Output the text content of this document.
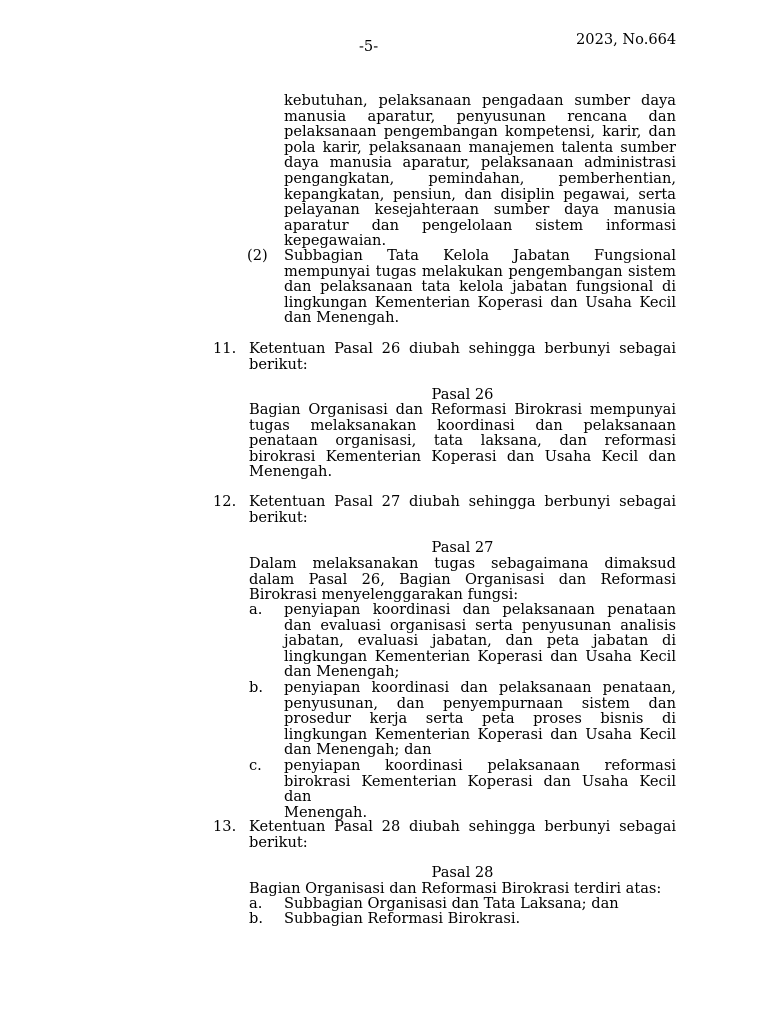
-5-	2023, No.664
kebutuhan, pelaksanaan pengadaan sumber daya
manusia aparatur, penyusunan rencana dan
pelaksanaan pengembangan kompetensi, karir, dan
pola karir, pelaksanaan manajemen talenta sumber
daya manusia aparatur, pelaksanaan administrasi
pengangkatan, pemindahan, pemberhentian,
kepangkatan, pensiun, dan disiplin pegawai, serta
pelayanan kesejahteraan sumber daya manusia
aparatur dan pengelolaan sistem informasi
kepegawaian.
(2) Subbagian Tata Kelola Jabatan Fungsional
mempunyai tugas melakukan pengembangan sistem
dan pelaksanaan tata kelola jabatan fungsional di
lingkungan Kementerian Koperasi dan Usaha Kecil
dan Menengah.
11. Ketentuan Pasal 26 diubah sehingga berbunyi sebagai
berikut:
Pasal 26
Bagian Organisasi dan Reformasi Birokrasi mempunyai
tugas melaksanakan koordinasi dan pelaksanaan
penataan organisasi, tata laksana, dan reformasi
birokrasi Kementerian Koperasi dan Usaha Kecil dan
Menengah.
12. Ketentuan Pasal 27 diubah sehingga berbunyi sebagai
berikut:
Pasal 27
Dalam melaksanakan tugas sebagaimana dimaksud
dalam Pasal 26, Bagian Organisasi dan Reformasi
Birokrasi menyelenggarakan fungsi:
a. penyiapan koordinasi dan pelaksanaan penataan
dan evaluasi organisasi serta penyusunan analisis
jabatan, evaluasi jabatan, dan peta jabatan di
lingkungan Kementerian Koperasi dan Usaha Kecil
dan Menengah;
b. penyiapan koordinasi dan pelaksanaan penataan,
penyusunan, dan penyempurnaan sistem dan
prosedur kerja serta peta proses bisnis di
lingkungan Kementerian Koperasi dan Usaha Kecil
dan Menengah; dan
c. penyiapan koordinasi pelaksanaan reformasi
birokrasi Kementerian Koperasi dan Usaha Kecil dan
Menengah.
13. Ketentuan Pasal 28 diubah sehingga berbunyi sebagai
berikut:
Pasal 28
Bagian Organisasi dan Reformasi Birokrasi terdiri atas:
a. Subbagian Organisasi dan Tata Laksana; dan
b. Subbagian Reformasi Birokrasi.
